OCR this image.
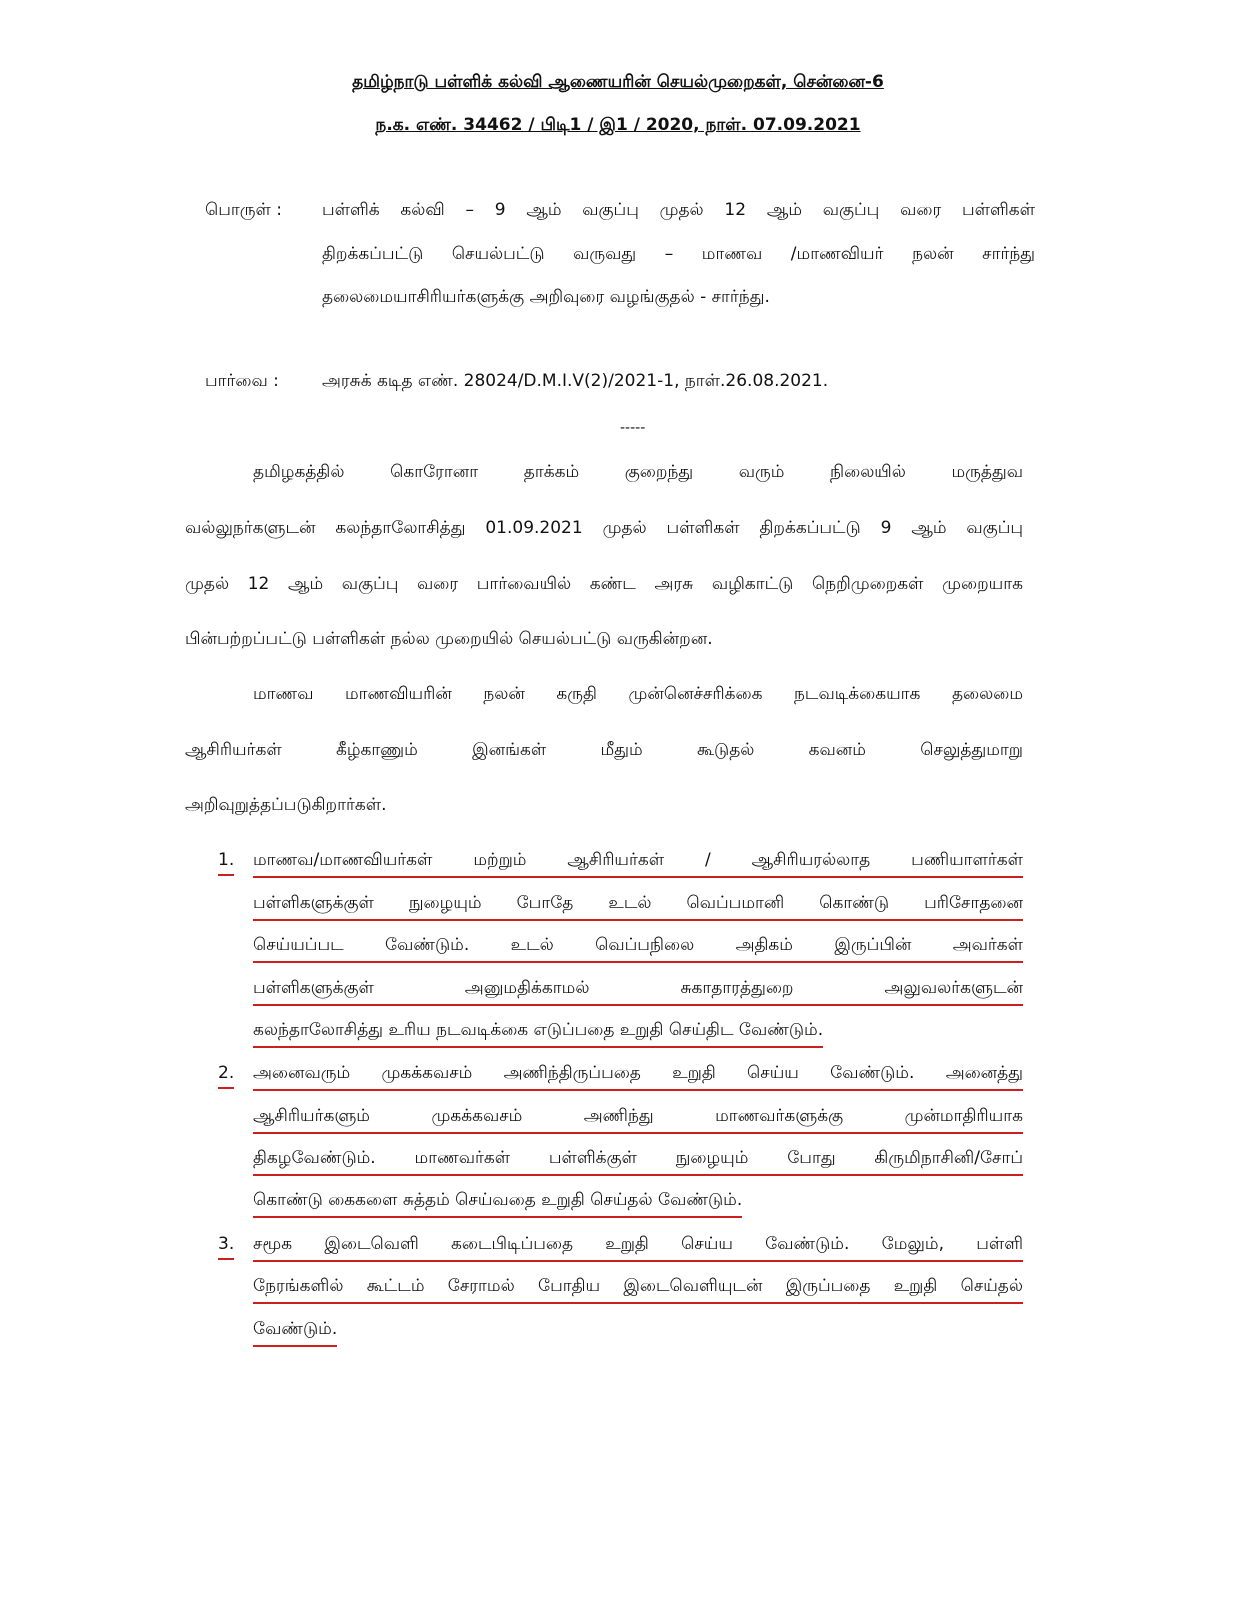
தமிழ்நாடு பள்ளிக் கல்வி ஆணையரின் செயல்முறைகள், சென்னை-6
ந.க. எண். 34462 / பிடி1 / இ1 / 2020, நாள். 07.09.2021
பொருள் : பள்ளிக் கல்வி – 9 ஆம் வகுப்பு முதல் 12 ஆம் வகுப்பு வரை பள்ளிகள்
திறக்கப்பட்டு செயல்பட்டு வருவது – மாணவ /மாணவியர் நலன் சார்ந்து
தலைமையாசிரியர்களுக்கு அறிவுரை வழங்குதல் - சார்ந்து.
பார்வை :	அரசுக் கடித எண். 28024/D.M.I.V(2)/2021-1, நாள்.26.08.2021.
-----
தமிழகத்தில் கொரோனா தாக்கம் குறைந்து வரும் நிலையில் மருத்துவ
வல்லுநர்களுடன் கலந்தாலோசித்து 01.09.2021 முதல் பள்ளிகள் திறக்கப்பட்டு 9 ஆம் வகுப்பு
முதல் 12 ஆம் வகுப்பு வரை பார்வையில் கண்ட அரசு வழிகாட்டு நெறிமுறைகள் முறையாக
பின்பற்றப்பட்டு பள்ளிகள் நல்ல முறையில் செயல்பட்டு வருகின்றன.
மாணவ மாணவியரின் நலன் கருதி முன்னெச்சரிக்கை நடவடிக்கையாக தலைமை
ஆசிரியர்கள் கீழ்காணும் இனங்கள் மீதும் கூடுதல் கவனம் செலுத்துமாறு
அறிவுறுத்தப்படுகிறார்கள்.
1. மாணவ/மாணவியர்கள் மற்றும் ஆசிரியர்கள் / ஆசிரியரல்லாத பணியாளர்கள்
பள்ளிகளுக்குள் நுழையும் போதே உடல் வெப்பமானி கொண்டு பரிசோதனை
செய்யப்பட வேண்டும். உடல் வெப்பநிலை அதிகம் இருப்பின் அவர்கள்
பள்ளிகளுக்குள் அனுமதிக்காமல் சுகாதாரத்துறை அலுவலர்களுடன்
கலந்தாலோசித்து உரிய நடவடிக்கை எடுப்பதை உறுதி செய்திட வேண்டும்.
2. அனைவரும் முகக்கவசம் அணிந்திருப்பதை உறுதி செய்ய வேண்டும். அனைத்து
ஆசிரியர்களும் முகக்கவசம் அணிந்து மாணவர்களுக்கு முன்மாதிரியாக
திகழவேண்டும். மாணவர்கள் பள்ளிக்குள் நுழையும் போது கிருமிநாசினி/சோப்
கொண்டு கைகளை சுத்தம் செய்வதை உறுதி செய்தல் வேண்டும்.
3. சமூக இடைவெளி கடைபிடிப்பதை உறுதி செய்ய வேண்டும். மேலும், பள்ளி
நேரங்களில் கூட்டம் சேராமல் போதிய இடைவெளியுடன் இருப்பதை உறுதி செய்தல்
வேண்டும்.
